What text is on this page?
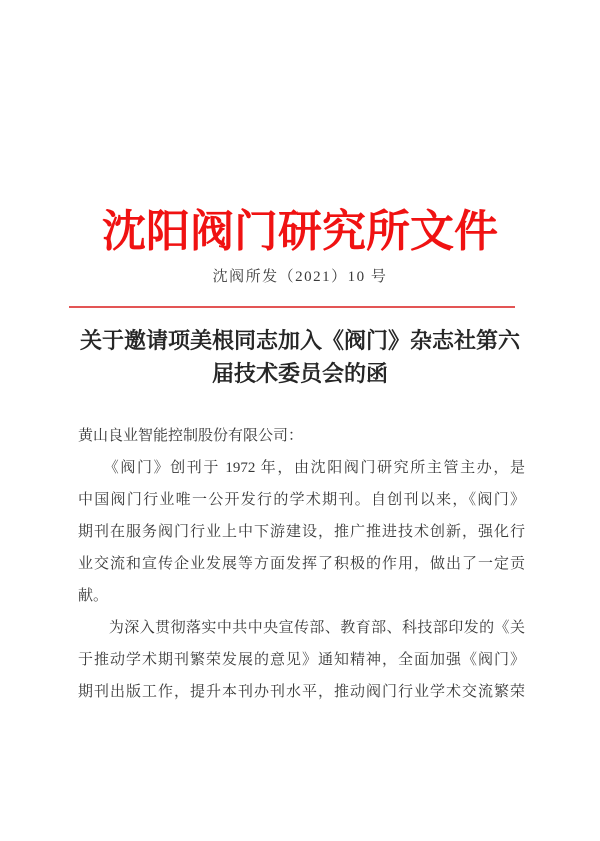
沈阳阀门研究所文件
沈阀所发（2021）10 号
关于邀请项美根同志加入《阀门》杂志社第六
届技术委员会的函
黄山良业智能控制股份有限公司：
　　《阀门》创刊于 1972 年，由沈阳阀门研究所主管主办，是
中国阀门行业唯一公开发行的学术期刊。自创刊以来，《阀门》
期刊在服务阀门行业上中下游建设，推广推进技术创新，强化行
业交流和宣传企业发展等方面发挥了积极的作用，做出了一定贡
献。
　　为深入贯彻落实中共中央宣传部、教育部、科技部印发的《关
于推动学术期刊繁荣发展的意见》通知精神，全面加强《阀门》
期刊出版工作，提升本刊办刊水平，推动阀门行业学术交流繁荣
